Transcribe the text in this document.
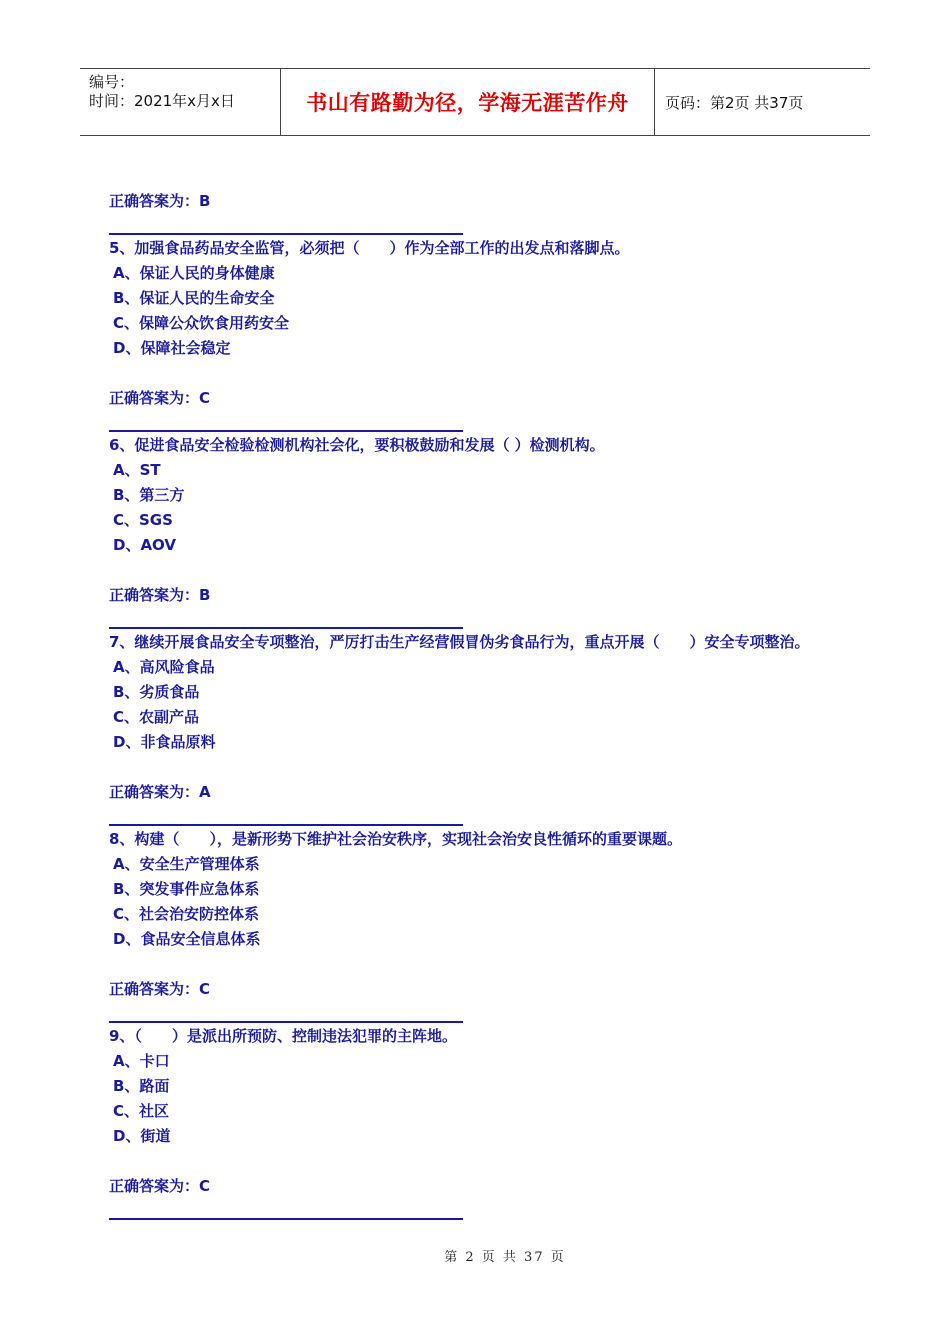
编号：
时间：2021年x月x日	书山有路勤为径，学海无涯苦作舟	页码：第2页 共37页
正确答案为：B
5、加强食品药品安全监管，必须把（　　）作为全部工作的出发点和落脚点。
A、保证人民的身体健康
B、保证人民的生命安全
C、保障公众饮食用药安全
D、保障社会稳定
正确答案为：C
6、促进食品安全检验检测机构社会化，要积极鼓励和发展（ ）检测机构。
A、ST
B、第三方
C、SGS
D、AOV
正确答案为：B
7、继续开展食品安全专项整治，严厉打击生产经营假冒伪劣食品行为，重点开展（　　）安全专项整治。
A、高风险食品
B、劣质食品
C、农副产品
D、非食品原料
正确答案为：A
8、构建（　　），是新形势下维护社会治安秩序，实现社会治安良性循环的重要课题。
A、安全生产管理体系
B、突发事件应急体系
C、社会治安防控体系
D、食品安全信息体系
正确答案为：C
9、（　　）是派出所预防、控制违法犯罪的主阵地。
A、卡口
B、路面
C、社区
D、街道
正确答案为：C
第 2 页 共 37 页
